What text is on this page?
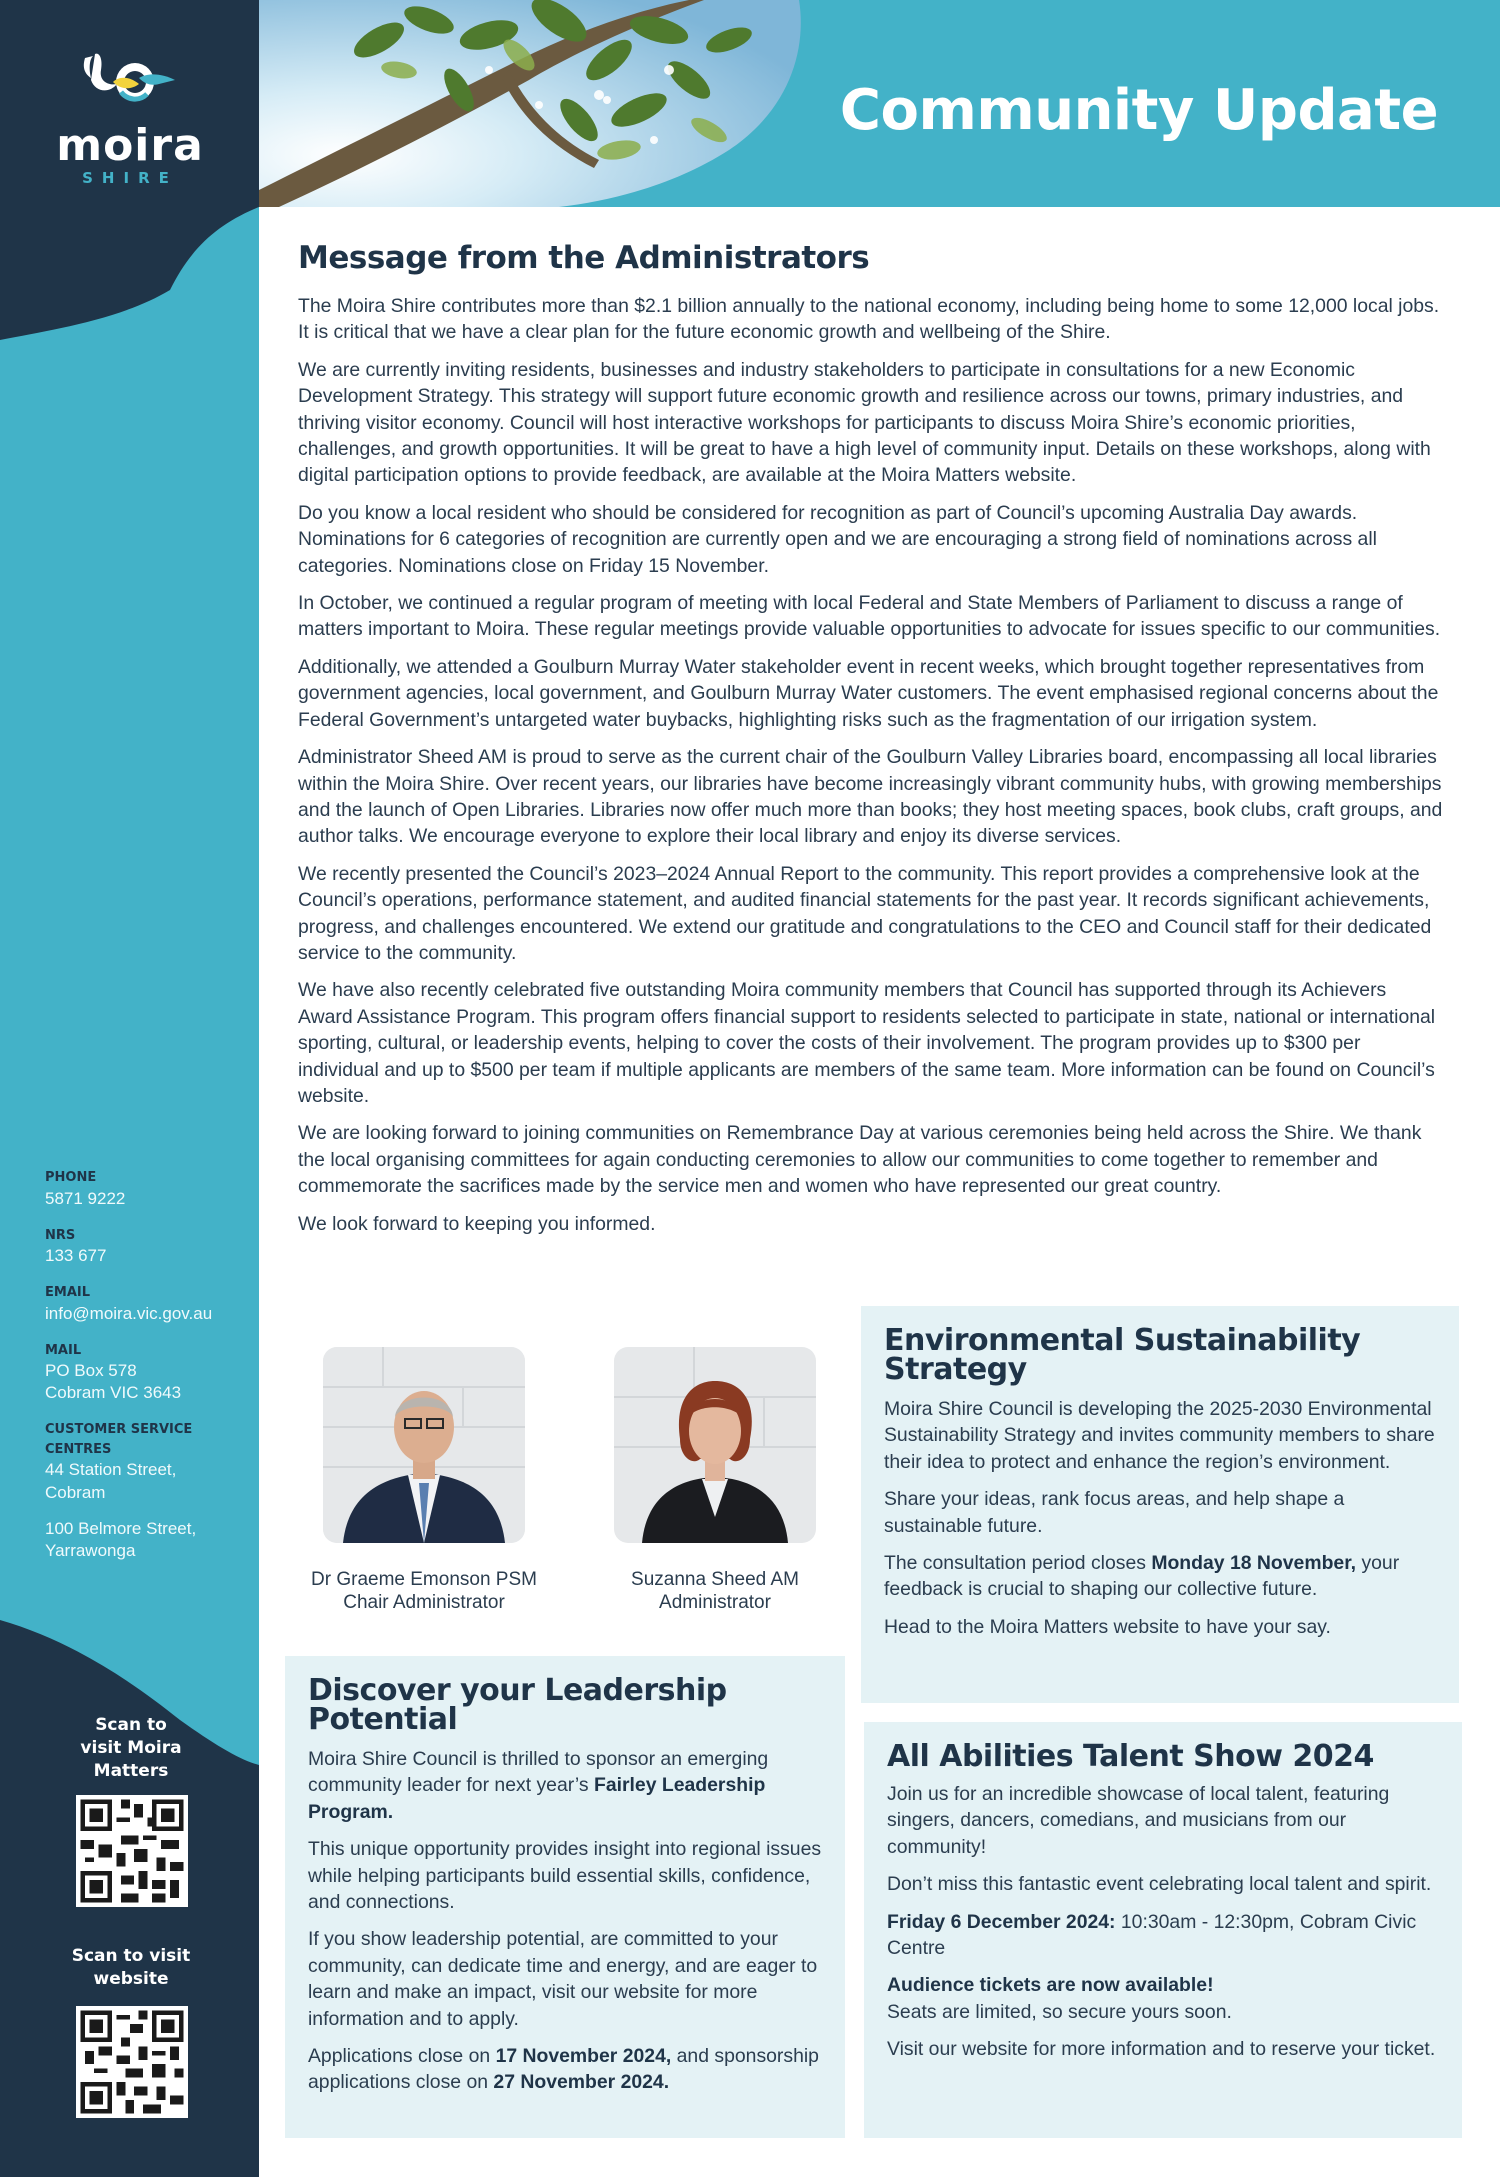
moira
SHIRE
PHONE
5871 9222
NRS
133 677
EMAIL
info@moira.vic.gov.au
MAIL
PO Box 578
Cobram VIC 3643
CUSTOMER SERVICE CENTRES
44 Station Street,
Cobram
100 Belmore Street,
Yarrawonga
Scan to visit Moira Matters
Scan to visit website
Community Update
Message from the Administrators

The Moira Shire contributes more than $2.1 billion annually to the national economy, including being home to some 12,000 local jobs. It is critical that we have a clear plan for the future economic growth and wellbeing of the Shire.

We are currently inviting residents, businesses and industry stakeholders to participate in consultations for a new Economic Development Strategy. This strategy will support future economic growth and resilience across our towns, primary industries, and thriving visitor economy. Council will host interactive workshops for participants to discuss Moira Shire’s economic priorities, challenges, and growth opportunities. It will be great to have a high level of community input. Details on these workshops, along with digital participation options to provide feedback, are available at the Moira Matters website.

Do you know a local resident who should be considered for recognition as part of Council’s upcoming Australia Day awards. Nominations for 6 categories of recognition are currently open and we are encouraging a strong field of nominations across all categories. Nominations close on Friday 15 November.

In October, we continued a regular program of meeting with local Federal and State Members of Parliament to discuss a range of matters important to Moira. These regular meetings provide valuable opportunities to advocate for issues specific to our communities.

Additionally, we attended a Goulburn Murray Water stakeholder event in recent weeks, which brought together representatives from government agencies, local government, and Goulburn Murray Water customers. The event emphasised regional concerns about the Federal Government’s untargeted water buybacks, highlighting risks such as the fragmentation of our irrigation system.

Administrator Sheed AM is proud to serve as the current chair of the Goulburn Valley Libraries board, encompassing all local libraries within the Moira Shire. Over recent years, our libraries have become increasingly vibrant community hubs, with growing memberships and the launch of Open Libraries. Libraries now offer much more than books; they host meeting spaces, book clubs, craft groups, and author talks. We encourage everyone to explore their local library and enjoy its diverse services.

We recently presented the Council’s 2023–2024 Annual Report to the community. This report provides a comprehensive look at the Council’s operations, performance statement, and audited financial statements for the past year. It records significant achievements, progress, and challenges encountered. We extend our gratitude and congratulations to the CEO and Council staff for their dedicated service to the community.

We have also recently celebrated five outstanding Moira community members that Council has supported through its Achievers Award Assistance Program. This program offers financial support to residents selected to participate in state, national or international sporting, cultural, or leadership events, helping to cover the costs of their involvement. The program provides up to $300 per individual and up to $500 per team if multiple applicants are members of the same team. More information can be found on Council’s website.

We are looking forward to joining communities on Remembrance Day at various ceremonies being held across the Shire. We thank the local organising committees for again conducting ceremonies to allow our communities to come together to remember and commemorate the sacrifices made by the service men and women who have represented our great country.

We look forward to keeping you informed.

Dr Graeme Emonson PSM
Chair Administrator
Suzanna Sheed AM
Administrator
Discover your Leadership
Potential

Moira Shire Council is thrilled to sponsor an emerging community leader for next year’s Fairley Leadership Program.

This unique opportunity provides insight into regional issues while helping participants build essential skills, confidence, and connections.

If you show leadership potential, are committed to your community, can dedicate time and energy, and are eager to learn and make an impact, visit our website for more information and to apply.

Applications close on 17 November 2024, and sponsorship applications close on 27 November 2024.

Environmental Sustainability
Strategy

Moira Shire Council is developing the 2025-2030 Environmental Sustainability Strategy and invites community members to share their idea to protect and enhance the region’s environment.

Share your ideas, rank focus areas, and help shape a sustainable future.

The consultation period closes Monday 18 November, your feedback is crucial to shaping our collective future.

Head to the Moira Matters website to have your say.

All Abilities Talent Show 2024

Join us for an incredible showcase of local talent, featuring singers, dancers, comedians, and musicians from our community!

Don’t miss this fantastic event celebrating local talent and spirit.

Friday 6 December 2024: 10:30am - 12:30pm, Cobram Civic Centre

Audience tickets are now available!
Seats are limited, so secure yours soon.

Visit our website for more information and to reserve your ticket.
